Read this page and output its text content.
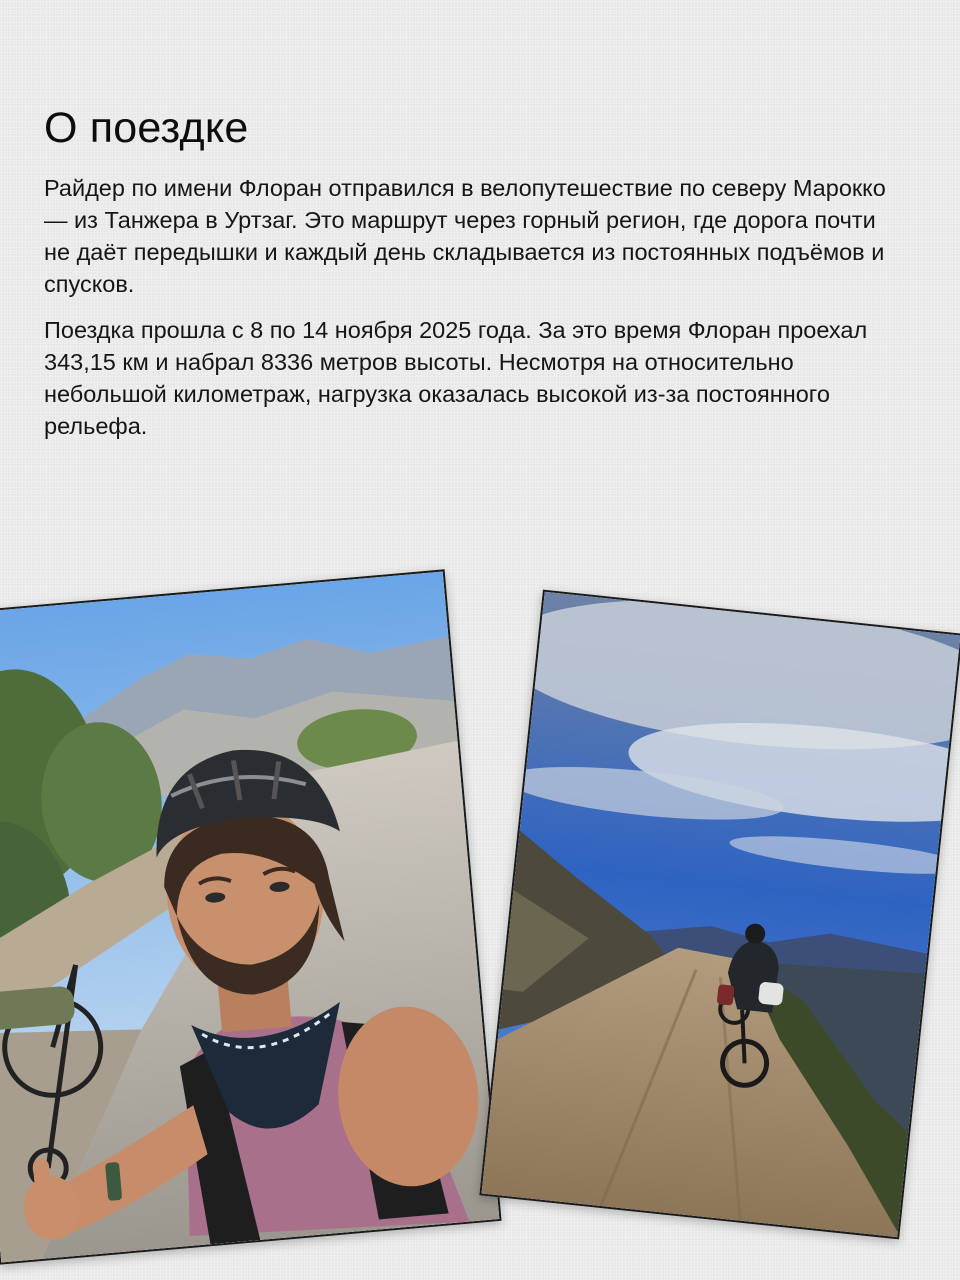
О поездке

Райдер по имени Флоран отправился в велопутешествие по северу Марокко — из Танжера в Уртзаг. Это маршрут через горный регион, где дорога почти не даёт передышки и каждый день складывается из постоянных подъёмов и спусков.

Поездка прошла с 8 по 14 ноября 2025 года. За это время Флоран проехал 343,15 км и набрал 8336 метров высоты. Несмотря на относительно небольшой километраж, нагрузка оказалась высокой из-за постоянного рельефа.
